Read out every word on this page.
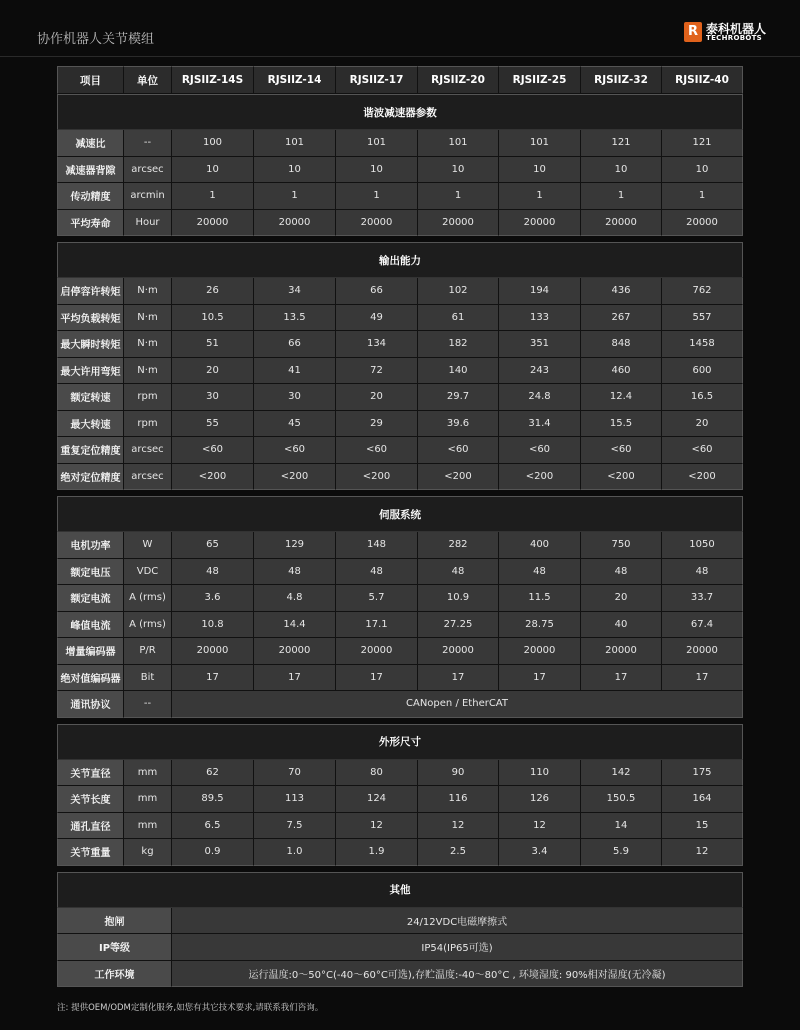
协作机器人关节模组
R 泰科机器人
TECHROBOTS
项目	单位	RJSIIZ-14S	RJSIIZ-14	RJSIIZ-17	RJSIIZ-20	RJSIIZ-25	RJSIIZ-32	RJSIIZ-40
谐波减速器参数								
减速比	--	100	101	101	101	101	121	121
减速器背隙	arcsec	10	10	10	10	10	10	10
传动精度	arcmin	1	1	1	1	1	1	1
平均寿命	Hour	20000	20000	20000	20000	20000	20000	20000

输出能力								
启停容许转矩	N·m	26	34	66	102	194	436	762
平均负载转矩	N·m	10.5	13.5	49	61	133	267	557
最大瞬时转矩	N·m	51	66	134	182	351	848	1458
最大许用弯矩	N·m	20	41	72	140	243	460	600
额定转速	rpm	30	30	20	29.7	24.8	12.4	16.5
最大转速	rpm	55	45	29	39.6	31.4	15.5	20
重复定位精度	arcsec	<60	<60	<60	<60	<60	<60	<60
绝对定位精度	arcsec	<200	<200	<200	<200	<200	<200	<200

伺服系统								
电机功率	W	65	129	148	282	400	750	1050
额定电压	VDC	48	48	48	48	48	48	48
额定电流	A (rms)	3.6	4.8	5.7	10.9	11.5	20	33.7
峰值电流	A (rms)	10.8	14.4	17.1	27.25	28.75	40	67.4
增量编码器	P/R	20000	20000	20000	20000	20000	20000	20000
绝对值编码器	Bit	17	17	17	17	17	17	17
通讯协议	--	CANopen / EtherCAT						

外形尺寸								
关节直径	mm	62	70	80	90	110	142	175
关节长度	mm	89.5	113	124	116	126	150.5	164
通孔直径	mm	6.5	7.5	12	12	12	14	15
关节重量	kg	0.9	1.0	1.9	2.5	3.4	5.9	12

其他								
抱闸		24/12VDC电磁摩擦式						
IP等级		IP54(IP65可选)						
工作环境		运行温度:0～50°C(-40～60°C可选),存贮温度:-40～80°C , 环境湿度: 90%相对湿度(无冷凝)						
注: 提供OEM/ODM定制化服务,如您有其它技术要求,请联系我们咨询。
